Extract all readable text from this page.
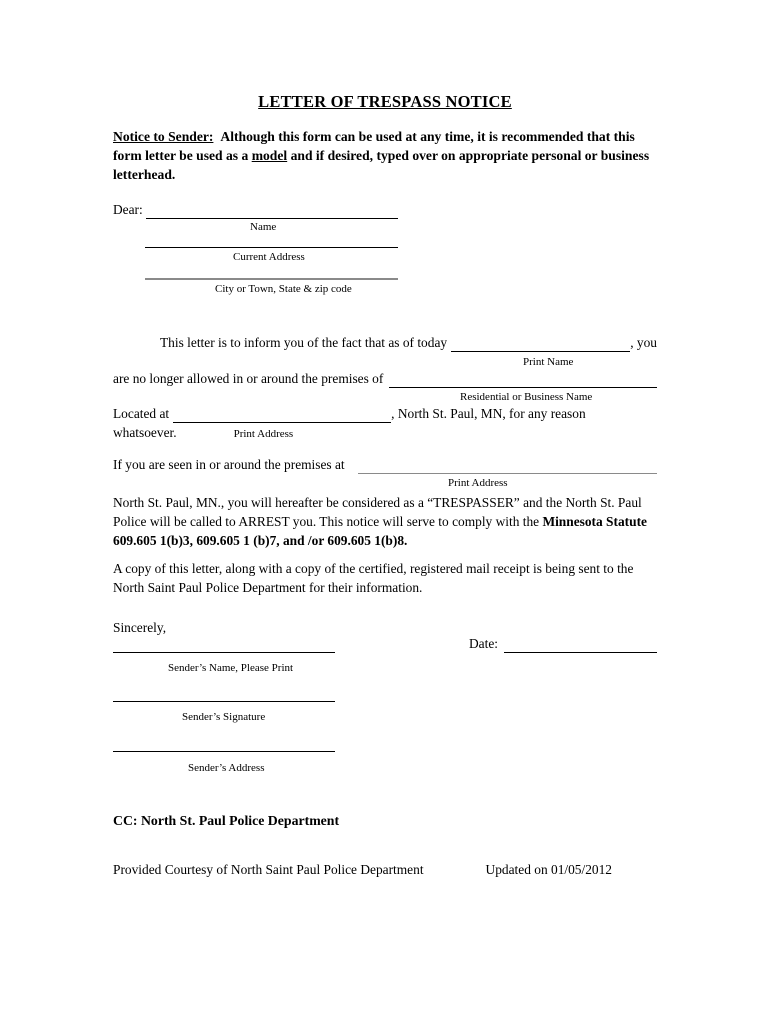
LETTER OF TRESPASS NOTICE
Notice to Sender: Although this form can be used at any time, it is recommended that this form letter be used as a model and if desired, typed over on appropriate personal or business letterhead.
Dear:
Name
Current Address
City or Town, State & zip code
This letter is to inform you of the fact that as of today	, you
Print Name
are no longer allowed in or around the premises of
Residential or Business Name
Located at	, North St. Paul, MN, for any reason
whatsoever.	Print Address
If you are seen in or around the premises at
Print Address
North St. Paul, MN., you will hereafter be considered as a “TRESPASSER” and the North St. Paul Police will be called to ARREST you. This notice will serve to comply with the Minnesota Statute 609.605 1(b)3, 609.605 1 (b)7, and /or 609.605 1(b)8.
A copy of this letter, along with a copy of the certified, registered mail receipt is being sent to the North Saint Paul Police Department for their information.
Sincerely,
Date:
Sender’s Name, Please Print
Sender’s Signature
Sender’s Address
CC: North St. Paul Police Department
Provided Courtesy of North Saint Paul Police Department	Updated on 01/05/2012
